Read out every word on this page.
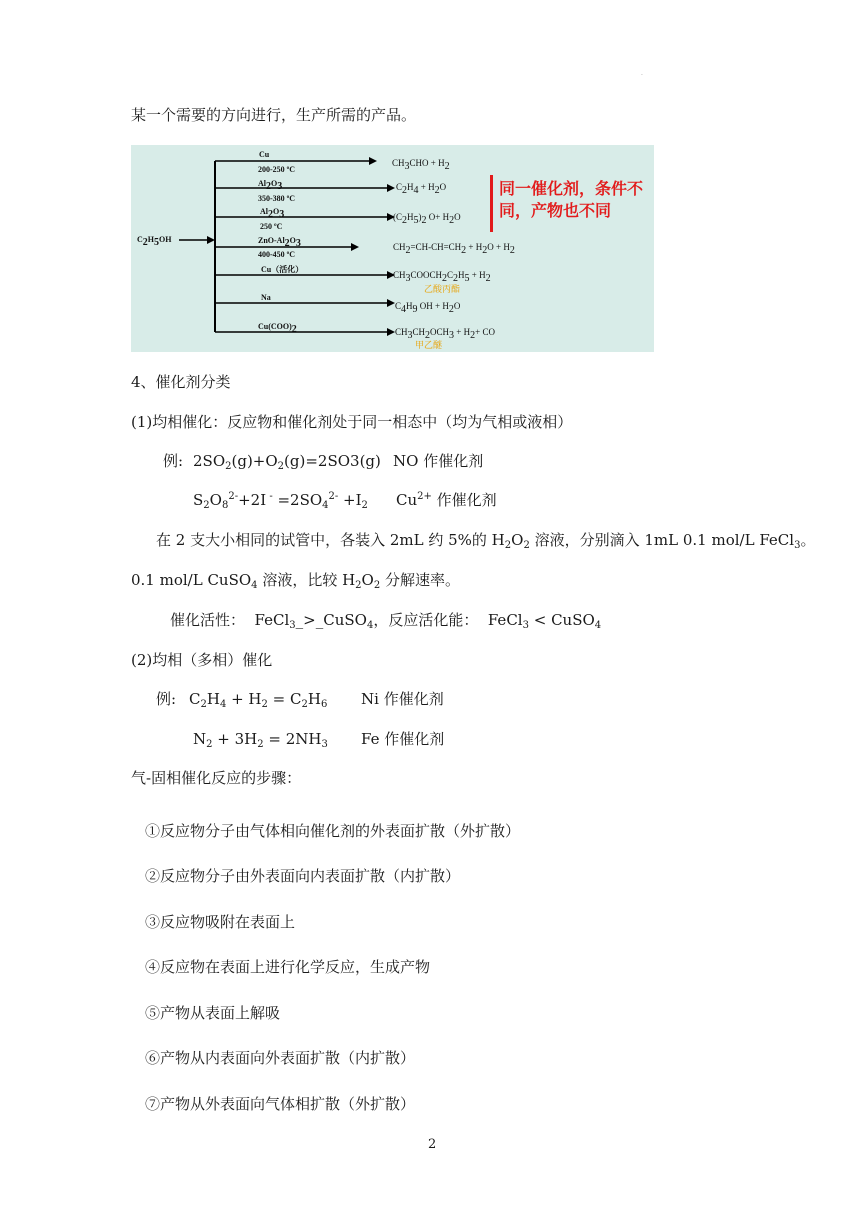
·
某一个需要的方向进行，生产所需的产品。
$C_2H_5OH$
Cu
200-250 ºC
$Al_2O_3$
350-380 ºC
$Al_2O_3$
250 ºC
ZnO-$Al_2O_3$
400-450 ºC
Cu（活化）
Na
$Cu(COO)_2$
$CH_3CHO + H_2$
$C_2H_4 + H_2O$
$(C_2H_5)_2$ $O+ H_2O$
$CH_2=CH-CH=CH_2 + H_2O + H_2$
$CH_3COOCH_2C_2H_5 + H_2$
乙酸丙酯
$C_4H_9$ OH + $H_2O$
$CH_3CH_2OCH_3 + H_2+$ CO
甲乙醚
同一催化剂，条件不同，产物也不同
4、催化剂分类
(1)均相催化：反应物和催化剂处于同一相态中（均为气相或液相）
例: $2SO_2(g)+O_2(g)=2SO3(g)$ NO 作催化剂
$S_2O_8^{2-}+2I$ $^- =2SO_4^{2-} +I_2$ $Cu^{2+}$ 作催化剂
在 2 支大小相同的试管中，各装入 2mL 约 5%的 $H_2O_2$ 溶液，分别滴入 1mL 0.1 mol/L FeCl$_3$。
0.1 mol/L CuSO$_4$ 溶液，比较 $H_2O_2$ 分解速率。
催化活性：  FeCl$_3$_>_CuSO$_4$，反应活化能：  FeCl$_3$ < CuSO$_4$
(2)均相（多相）催化
例: $C_2H_4 + H_2 = C_2H_6$ Ni 作催化剂
$N_2 + 3H_2 = 2NH_3$ Fe 作催化剂
气-固相催化反应的步骤：
①反应物分子由气体相向催化剂的外表面扩散（外扩散）
②反应物分子由外表面向内表面扩散（内扩散）
③反应物吸附在表面上
④反应物在表面上进行化学反应，生成产物
⑤产物从表面上解吸
⑥产物从内表面向外表面扩散（内扩散）
⑦产物从外表面向气体相扩散（外扩散）
2
